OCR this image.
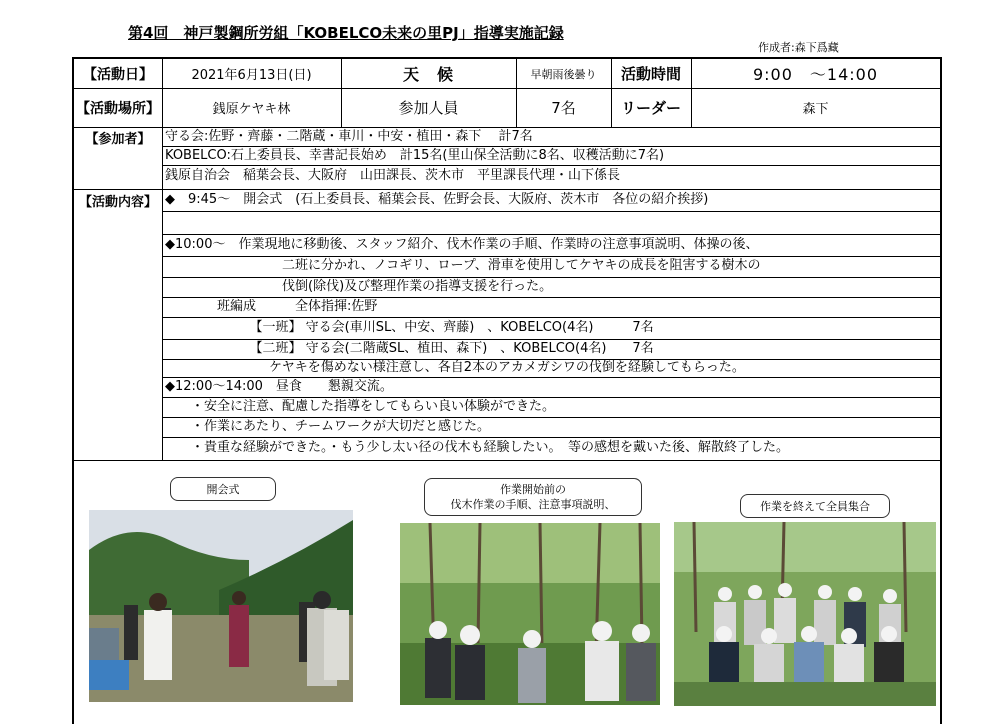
第4回　神戸製鋼所労組「KOBELCO未来の里PJ」指導実施記録
作成者:森下爲藏
【活動日】	2021年6月13日(日)	天　候	早朝雨後曇り	活動時間	9:00　～14:00
【活動場所】	銭原ケヤキ林	参加人員	7名	リーダー	森下
【参加者】	守る会:佐野・齊藤・二階蔵・車川・中安・植田・森下　 計7名
KOBELCO:石上委員長、幸書記長始め　計15名(里山保全活動に8名、収穫活動に7名)
銭原自治会　稲葉会長、大阪府　山田課長、茨木市　平里課長代理・山下係長
【活動内容】 ◆　9:45～　開会式　(石上委員長、稲葉会長、佐野会長、大阪府、茨木市　各位の紹介挨拶)
◆10:00～　作業現地に移動後、スタッフ紹介、伐木作業の手順、作業時の注意事項説明、体操の後、
　　　　　　　　　二班に分かれ、ノコギリ、ロープ、滑車を使用してケヤキの成長を阻害する樹木の
　　　　　　　　　伐倒(除伐)及び整理作業の指導支援を行った。
　　　　班編成　　　全体指揮:佐野
　　　　　　　【一班】 守る会(車川SL、中安、齊藤)　、KOBELCO(4名)　　　7名
　　　　　　　【二班】 守る会(二階蔵SL、植田、森下)　、KOBELCO(4名)　　7名
　　　　　　　　ケヤキを傷めない様注意し、各自2本のアカメガシワの伐倒を経験してもらった。
◆12:00～14:00　昼食　　懇親交流。
　　・安全に注意、配慮した指導をしてもらい良い体験ができた。
　　・作業にあたり、チームワークが大切だと感じた。
　　・貴重な経験ができた。・もう少し太い径の伐木も経験したい。　等の感想を戴いた後、解散終了した。
開会式	作業開始前の
伐木作業の手順、注意事項説明、	作業を終えて全員集合
